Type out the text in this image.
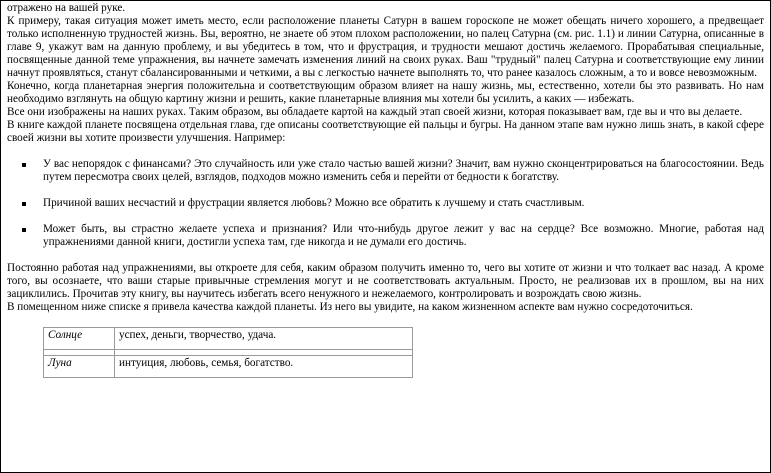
отражено на вашей руке.

К примеру, такая ситуация может иметь место, если расположение планеты Сатурн в вашем гороскопе не может обещать ничего хорошего, а предвещает только исполненную трудностей жизнь. Вы, вероятно, не знаете об этом плохом расположении, но палец Сатурна (см. рис. 1.1) и линии Сатурна, описанные в главе 9, укажут вам на данную проблему, и вы убедитесь в том, что и фрустрация, и трудности мешают достичь желаемого. Прорабатывая специальные, посвященные данной теме упражнения, вы начнете замечать изменения линий на своих руках. Ваш "трудный" палец Сатурна и соответствующие ему линии начнут проявляться, станут сбалансированными и четкими, а вы с легкостью начнете выполнять то, что ранее казалось сложным, а то и вовсе невозможным.

Конечно, когда планетарная энергия положительна и соответствующим образом влияет на нашу жизнь, мы, естественно, хотели бы это развивать. Но нам необходимо взглянуть на общую картину жизни и решить, какие планетарные влияния мы хотели бы усилить, а каких — избежать.

Все они изображены на наших руках. Таким образом, вы обладаете картой на каждый этап своей жизни, которая показывает вам, где вы и что вы делаете.

В книге каждой планете посвящена отдельная глава, где описаны соответствующие ей пальцы и бугры. На данном этапе вам нужно лишь знать, в какой сфере своей жизни вы хотите произвести улучшения. Например:

У вас непорядок с финансами? Это случайность или уже стало частью вашей жизни? Значит, вам нужно сконцентрироваться на благосостоянии. Ведь путем пересмотра своих целей, взглядов, подходов можно изменить себя и перейти от бедности к богатству.
Причиной ваших несчастий и фрустрации является любовь? Можно все обратить к лучшему и стать счастливым.
Может быть, вы страстно желаете успеха и признания? Или что-нибудь другое лежит у вас на сердце? Все возможно. Многие, работая над упражнениями данной книги, достигли успеха там, где никогда и не думали его достичь.

Постоянно работая над упражнениями, вы откроете для себя, каким образом получить именно то, чего вы хотите от жизни и что толкает вас назад. А кроме того, вы осознаете, что ваши старые привычные стремления могут и не соответствовать актуальным. Просто, не реализовав их в прошлом, вы на них зациклились. Прочитав эту книгу, вы научитесь избегать всего ненужного и нежелаемого, контролировать и возрождать свою жизнь.

В помещенном ниже списке я привела качества каждой планеты. Из него вы увидите, на каком жизненном аспекте вам нужно сосредоточиться.

Солнце	успех, деньги, творчество, удача.

Луна	интуиция, любовь, семья, богатство.
